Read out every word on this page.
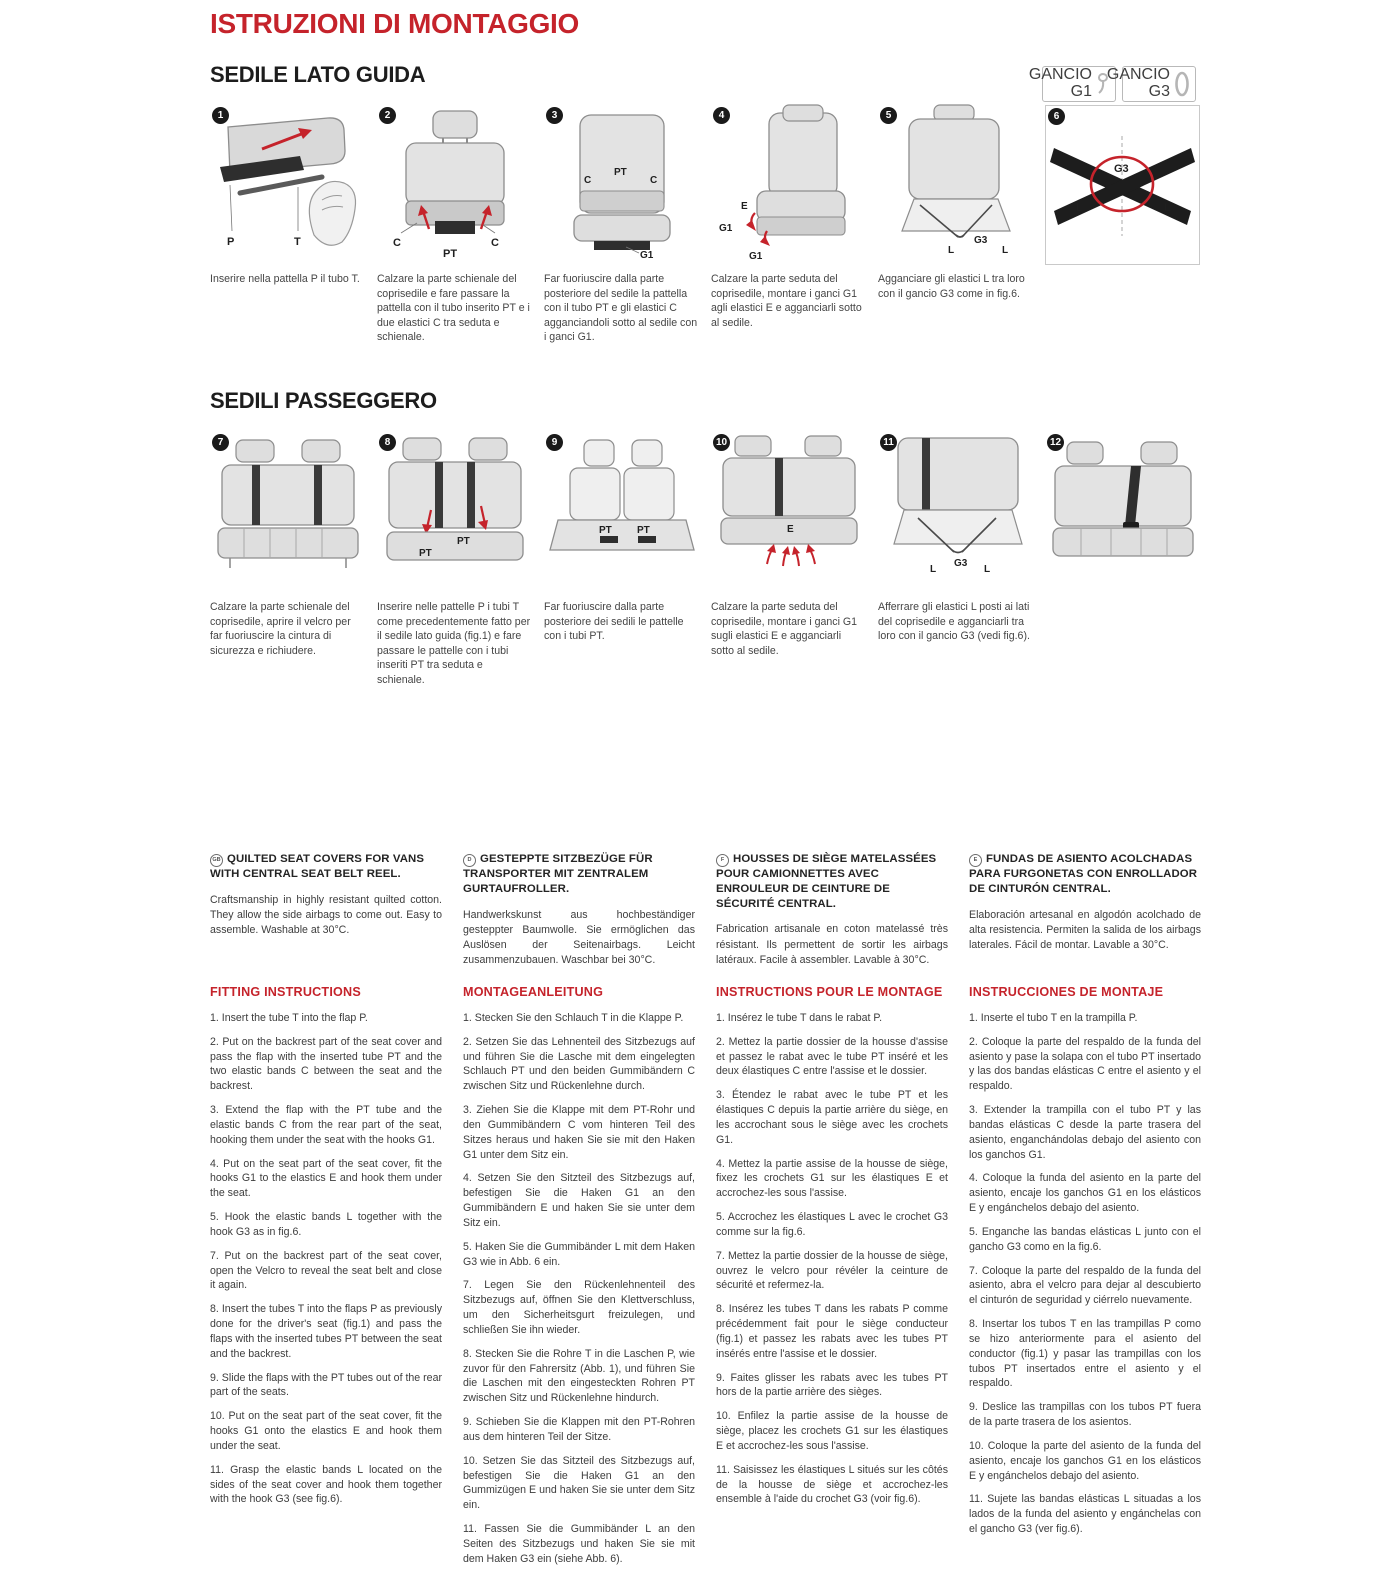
ISTRUZIONI DI MONTAGGIO
GANCIO
G1
GANCIO
G3
SEDILE LATO GUIDA
1
P	T
2
C
PT
C
3
C
PT
C
G1
4
E
G1
G1
5
L
G3
L
6
G3
L	L
Inserire nella pattella P il tubo T.	Calzare la parte schienale del coprisedile e fare passare la pattella con il tubo inserito PT e i due elastici C tra seduta e schienale.
Far fuoriuscire dalla parte posteriore del sedile la pattella con il tubo PT e gli elastici C agganciandoli sotto al sedile con i ganci G1.
Calzare la parte seduta del coprisedile, montare i ganci G1 agli elastici E e agganciarli sotto al sedile.
Agganciare gli elastici L tra loro con il gancio G3 come in fig.6.
SEDILI PASSEGGERO
7	8
PT
PT
9
PT	PT
10
E
11
L
G3
L
12
Calzare la parte schienale del coprisedile, aprire il velcro per far fuoriuscire la cintura di sicurezza e richiudere.
Inserire nelle pattelle P i tubi T come precedentemente fatto per il sedile lato guida (fig.1) e fare passare le pattelle con i tubi inseriti PT tra seduta e schienale.
Far fuoriuscire dalla parte posteriore dei sedili le pattelle con i tubi PT.
Calzare la parte seduta del coprisedile, montare i ganci G1 sugli elastici E e agganciarli sotto al sedile.
Afferrare gli elastici L posti ai lati del coprisedile e agganciarli tra loro con il gancio G3 (vedi fig.6).
GB QUILTED SEAT COVERS FOR VANS WITH CENTRAL SEAT BELT REEL.
Craftsmanship in highly resistant quilted cotton. They allow the side airbags to come out. Easy to assemble. Washable at 30°C.
D GESTEPPTE SITZBEZÜGE FÜR TRANSPORTER MIT ZENTRALEM GURTAUFROLLER.
Handwerkskunst aus hochbeständiger gesteppter Baumwolle. Sie ermöglichen das Auslösen der Seitenairbags. Leicht zusammenzubauen. Waschbar bei 30°C.
F HOUSSES DE SIÈGE MATELASSÉES POUR CAMIONNETTES AVEC ENROULEUR DE CEINTURE DE SÉCURITÉ CENTRAL.
Fabrication artisanale en coton matelassé très résistant. Ils permettent de sortir les airbags latéraux. Facile à assembler. Lavable à 30°C.
E FUNDAS DE ASIENTO ACOLCHADAS PARA FURGONETAS CON ENROLLADOR DE CINTURÓN CENTRAL.
Elaboración artesanal en algodón acolchado de alta resistencia. Permiten la salida de los airbags laterales. Fácil de montar. Lavable a 30°C.
FITTING INSTRUCTIONS

1. Insert the tube T into the flap P.

2. Put on the backrest part of the seat cover and pass the flap with the inserted tube PT and the two elastic bands C between the seat and the backrest.

3. Extend the flap with the PT tube and the elastic bands C from the rear part of the seat, hooking them under the seat with the hooks G1.

4. Put on the seat part of the seat cover, fit the hooks G1 to the elastics E and hook them under the seat.

5. Hook the elastic bands L together with the hook G3 as in fig.6.

7. Put on the backrest part of the seat cover, open the Velcro to reveal the seat belt and close it again.

8. Insert the tubes T into the flaps P as previously done for the driver's seat (fig.1) and pass the flaps with the inserted tubes PT between the seat and the backrest.

9. Slide the flaps with the PT tubes out of the rear part of the seats.

10. Put on the seat part of the seat cover, fit the hooks G1 onto the elastics E and hook them under the seat.

11. Grasp the elastic bands L located on the sides of the seat cover and hook them together with the hook G3 (see fig.6).

MONTAGEANLEITUNG

1. Stecken Sie den Schlauch T in die Klappe P.

2. Setzen Sie das Lehnenteil des Sitzbezugs auf und führen Sie die Lasche mit dem eingelegten Schlauch PT und den beiden Gummibändern C zwischen Sitz und Rückenlehne durch.

3. Ziehen Sie die Klappe mit dem PT-Rohr und den Gummibändern C vom hinteren Teil des Sitzes heraus und haken Sie sie mit den Haken G1 unter dem Sitz ein.

4. Setzen Sie den Sitzteil des Sitzbezugs auf, befestigen Sie die Haken G1 an den Gummibändern E und haken Sie sie unter dem Sitz ein.

5. Haken Sie die Gummibänder L mit dem Haken G3 wie in Abb. 6 ein.

7. Legen Sie den Rückenlehnenteil des Sitzbezugs auf, öffnen Sie den Klettverschluss, um den Sicherheitsgurt freizulegen, und schließen Sie ihn wieder.

8. Stecken Sie die Rohre T in die Laschen P, wie zuvor für den Fahrersitz (Abb. 1), und führen Sie die Laschen mit den eingesteckten Rohren PT zwischen Sitz und Rückenlehne hindurch.

9. Schieben Sie die Klappen mit den PT-Rohren aus dem hinteren Teil der Sitze.

10. Setzen Sie das Sitzteil des Sitzbezugs auf, befestigen Sie die Haken G1 an den Gummizügen E und haken Sie sie unter dem Sitz ein.

11. Fassen Sie die Gummibänder L an den Seiten des Sitzbezugs und haken Sie sie mit dem Haken G3 ein (siehe Abb. 6).

INSTRUCTIONS POUR LE MONTAGE

1. Insérez le tube T dans le rabat P.

2. Mettez la partie dossier de la housse d'assise et passez le rabat avec le tube PT inséré et les deux élastiques C entre l'assise et le dossier.

3. Étendez le rabat avec le tube PT et les élastiques C depuis la partie arrière du siège, en les accrochant sous le siège avec les crochets G1.

4. Mettez la partie assise de la housse de siège, fixez les crochets G1 sur les élastiques E et accrochez-les sous l'assise.

5. Accrochez les élastiques L avec le crochet G3 comme sur la fig.6.

7. Mettez la partie dossier de la housse de siège, ouvrez le velcro pour révéler la ceinture de sécurité et refermez-la.

8. Insérez les tubes T dans les rabats P comme précédemment fait pour le siège conducteur (fig.1) et passez les rabats avec les tubes PT insérés entre l'assise et le dossier.

9. Faites glisser les rabats avec les tubes PT hors de la partie arrière des sièges.

10. Enfilez la partie assise de la housse de siège, placez les crochets G1 sur les élastiques E et accrochez-les sous l'assise.

11. Saisissez les élastiques L situés sur les côtés de la housse de siège et accrochez-les ensemble à l'aide du crochet G3 (voir fig.6).

INSTRUCCIONES DE MONTAJE

1. Inserte el tubo T en la trampilla P.

2. Coloque la parte del respaldo de la funda del asiento y pase la solapa con el tubo PT insertado y las dos bandas elásticas C entre el asiento y el respaldo.

3. Extender la trampilla con el tubo PT y las bandas elásticas C desde la parte trasera del asiento, enganchándolas debajo del asiento con los ganchos G1.

4. Coloque la funda del asiento en la parte del asiento, encaje los ganchos G1 en los elásticos E y engánchelos debajo del asiento.

5. Enganche las bandas elásticas L junto con el gancho G3 como en la fig.6.

7. Coloque la parte del respaldo de la funda del asiento, abra el velcro para dejar al descubierto el cinturón de seguridad y ciérrelo nuevamente.

8. Insertar los tubos T en las trampillas P como se hizo anteriormente para el asiento del conductor (fig.1) y pasar las trampillas con los tubos PT insertados entre el asiento y el respaldo.

9. Deslice las trampillas con los tubos PT fuera de la parte trasera de los asientos.

10. Coloque la parte del asiento de la funda del asiento, encaje los ganchos G1 en los elásticos E y engánchelos debajo del asiento.

11. Sujete las bandas elásticas L situadas a los lados de la funda del asiento y engánchelas con el gancho G3 (ver fig.6).
